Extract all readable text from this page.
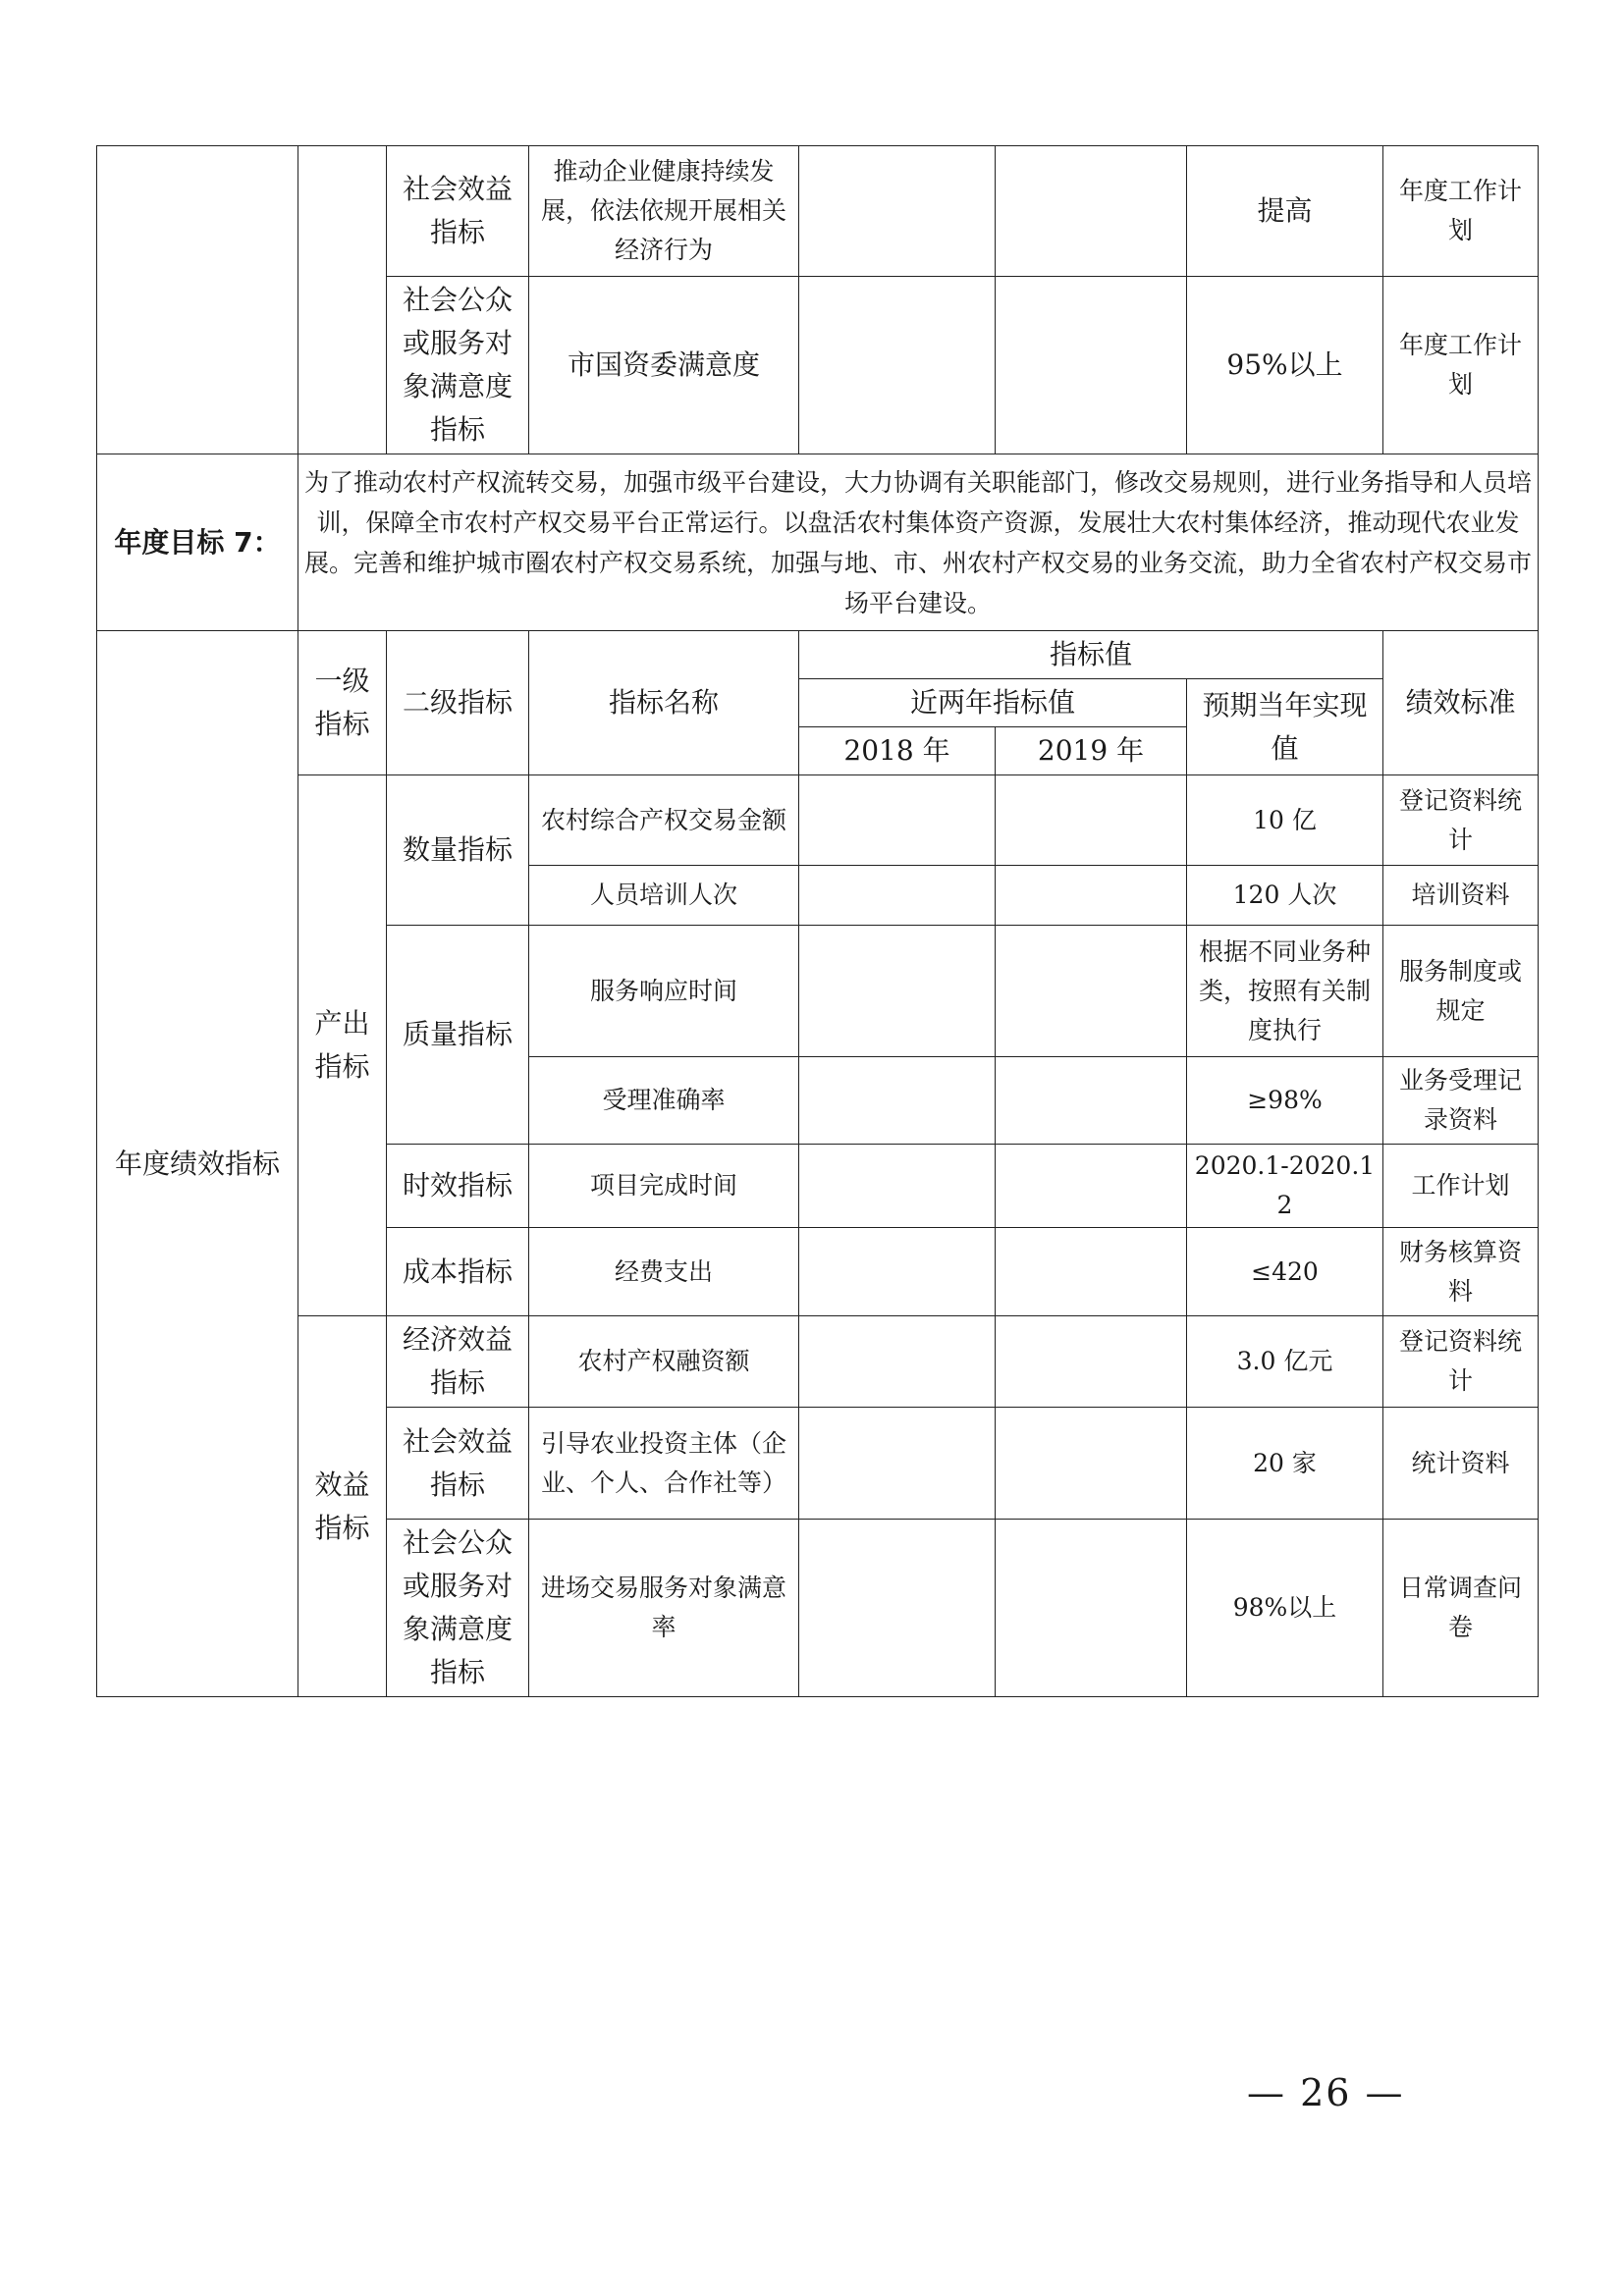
		社会效益指标	推动企业健康持续发展，依法依规开展相关经济行为			提高	年度工作计划
		社会公众或服务对象满意度指标	市国资委满意度			95%以上	年度工作计划
年度目标 7：	为了推动农村产权流转交易，加强市级平台建设，大力协调有关职能部门，修改交易规则，进行业务指导和人员培训，保障全市农村产权交易平台正常运行。以盘活农村集体资产资源，发展壮大农村集体经济，推动现代农业发展。完善和维护城市圈农村产权交易系统，加强与地、市、州农村产权交易的业务交流，助力全省农村产权交易市场平台建设。						
年度绩效指标	一级指标	二级指标	指标名称	指标值			绩效标准
				近两年指标值		预期当年实现值	
				2018 年	2019 年		
	产出指标	数量指标	农村综合产权交易金额			10 亿	登记资料统计
			人员培训人次			120 人次	培训资料
		质量指标	服务响应时间			根据不同业务种类，按照有关制度执行	服务制度或规定
			受理准确率			≥98%	业务受理记录资料
		时效指标	项目完成时间			2020.1-2020.12	工作计划
		成本指标	经费支出			≤420	财务核算资料
	效益指标	经济效益指标	农村产权融资额			3.0 亿元	登记资料统计
		社会效益指标	引导农业投资主体（企业、个人、合作社等）			20 家	统计资料
		社会公众或服务对象满意度指标	进场交易服务对象满意率			98%以上	日常调查问卷
— 26 —
